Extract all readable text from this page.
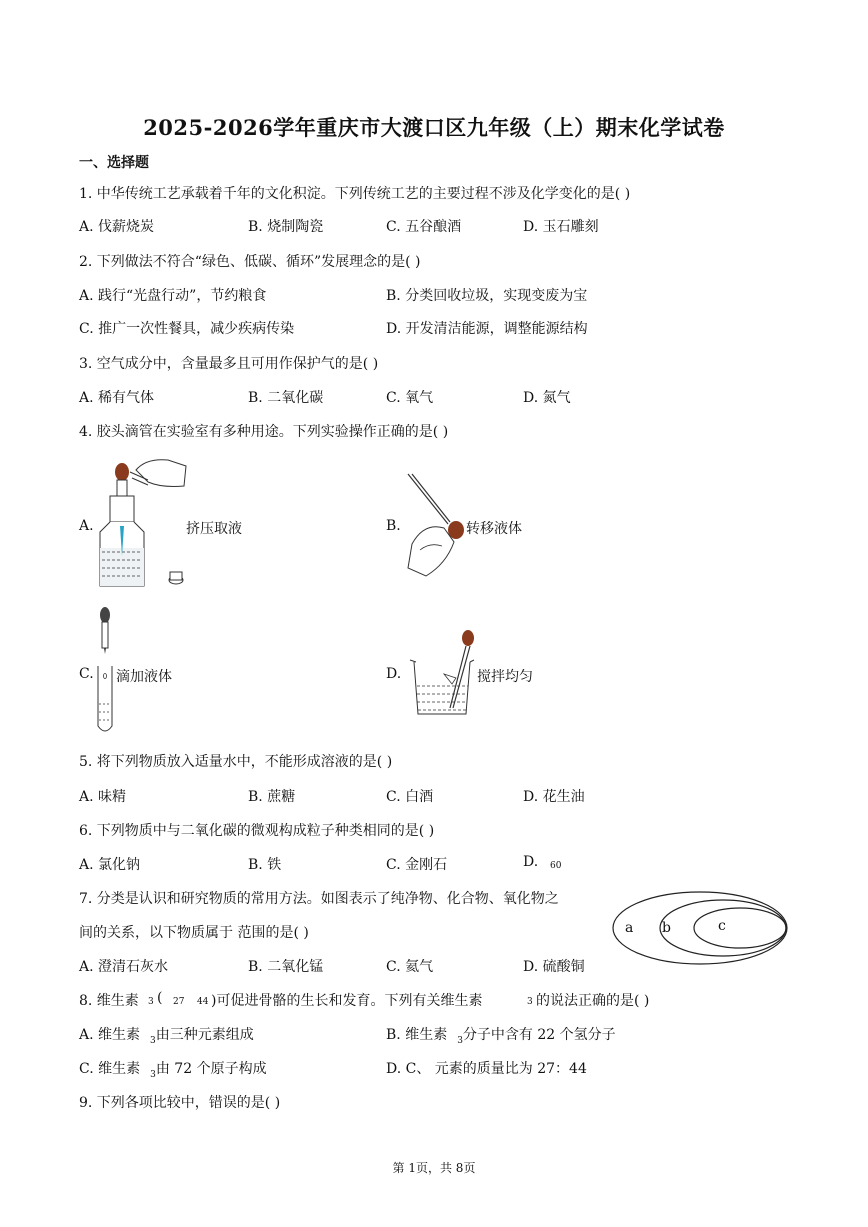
2025-2026学年重庆市大渡口区九年级（上）期末化学试卷
一、选择题
1. 中华传统工艺承载着千年的文化积淀。下列传统工艺的主要过程不涉及化学变化的是( )
A. 伐薪烧炭	B. 烧制陶瓷	C. 五谷酿酒	D. 玉石雕刻
2. 下列做法不符合“绿色、低碳、循环”发展理念的是( )
A. 践行“光盘行动”，节约粮食	B. 分类回收垃圾，实现变废为宝
C. 推广一次性餐具，减少疾病传染	D. 开发清洁能源，调整能源结构
3. 空气成分中，含量最多且可用作保护气的是( )
A. 稀有气体	B. 二氧化碳	C. 氧气	D. 氮气
4. 胶头滴管在实验室有多种用途。下列实验操作正确的是( )
A.	挤压取液	B.	转移液体
C. 滴加液体	D.	搅拌均匀
5. 将下列物质放入适量水中，不能形成溶液的是( )
A. 味精	B. 蔗糖	C. 白酒	D. 花生油
6. 下列物质中与二氧化碳的微观构成粒子种类相同的是( )
A. 氯化钠	B. 铁	C. 金刚石	D. 60
7. 分类是认识和研究物质的常用方法。如图表示了纯净物、化合物、氧化物之
间的关系，以下物质属于 范围的是( )
A. 澄清石灰水	B. 二氧化锰	C. 氦气	D. 硫酸铜
a b	c
8. 维生素 3 ( 27 44 )可促进骨骼的生长和发育。下列有关维生素	3 的说法正确的是( )
A. 维生素 $_3$由三种元素组成	B. 维生素 $_3$分子中含有 22 个氢分子
C. 维生素 $_3$由 72 个原子构成	D. C、 元素的质量比为 27：44
9. 下列各项比较中，错误的是( )
第 1页，共 8页
